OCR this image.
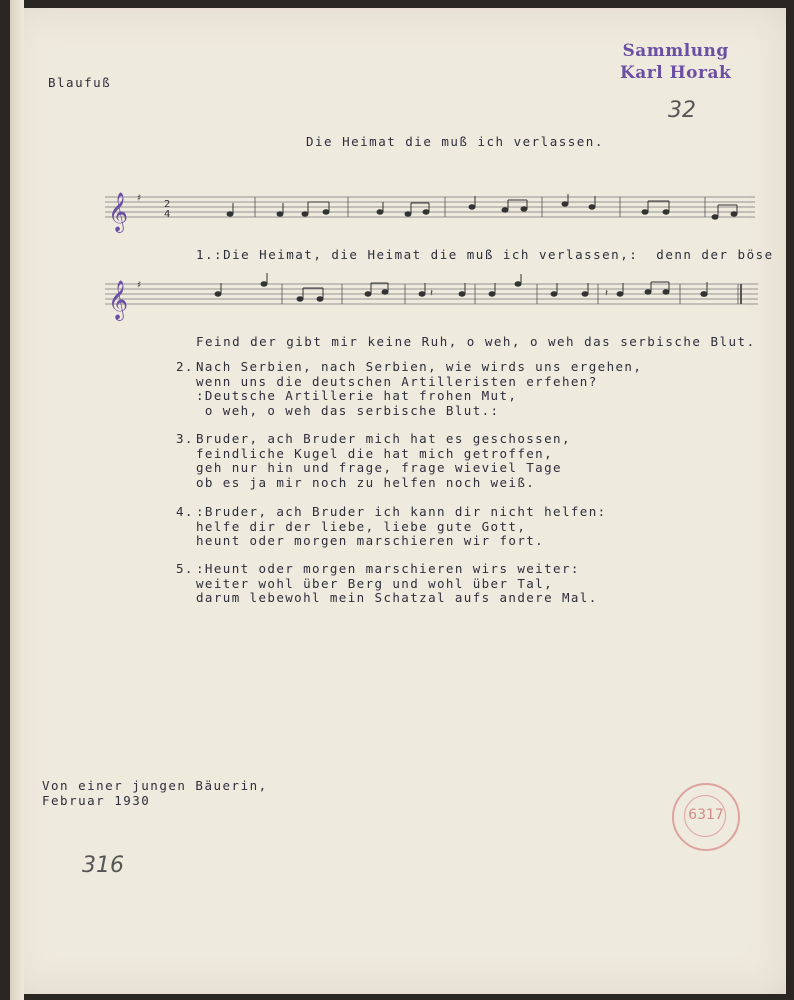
Sammlung
Karl Horak
32
Blaufuß
Die Heimat die muß ich verlassen.
𝄞 ♯
2
4
1.:Die Heimat, die Heimat die muß ich verlassen,:  denn der böse
𝄞 ♯
𝄽	𝄽
Feind der gibt mir keine Ruh, o weh, o weh das serbische Blut.
2. Nach Serbien, nach Serbien, wie wirds uns ergehen,
wenn uns die deutschen Artilleristen erfehen?
:Deutsche Artillerie hat frohen Mut,
o weh, o weh das serbische Blut.:
3. Bruder, ach Bruder mich hat es geschossen,
feindliche Kugel die hat mich getroffen,
geh nur hin und frage, frage wieviel Tage
ob es ja mir noch zu helfen noch weiß.
4. :Bruder, ach Bruder ich kann dir nicht helfen:
helfe dir der liebe, liebe gute Gott,
heunt oder morgen marschieren wir fort.
5. :Heunt oder morgen marschieren wirs weiter:
weiter wohl über Berg und wohl über Tal,
darum lebewohl mein Schatzal aufs andere Mal.
Von einer jungen Bäuerin,
Februar 1930
316
6317
